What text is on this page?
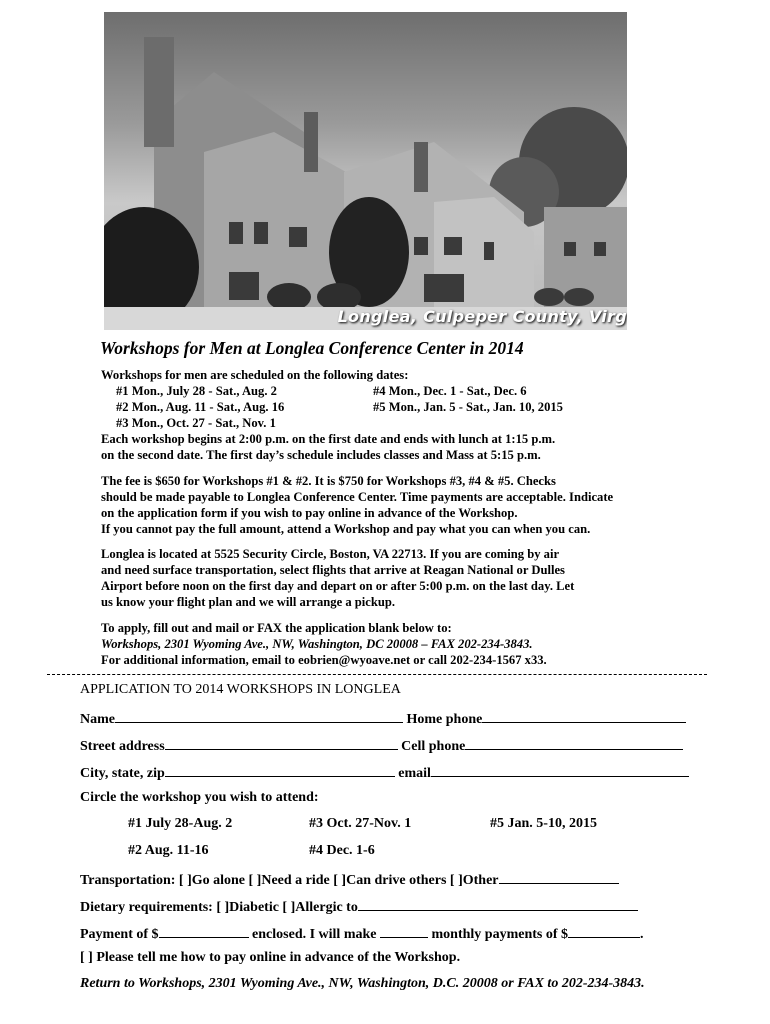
Longlea, Culpeper County, Virg
Workshops for Men at Longlea Conference Center in 2014
Workshops for men are scheduled on the following dates:
#1 Mon., July 28 - Sat., Aug. 2
#2 Mon., Aug. 11 - Sat., Aug. 16
#3 Mon., Oct. 27 - Sat., Nov. 1
#4 Mon., Dec. 1 - Sat., Dec. 6
#5 Mon., Jan. 5 - Sat., Jan. 10, 2015
Each workshop begins at 2:00 p.m. on the first date and ends with lunch at 1:15 p.m.
on the second date. The first day’s schedule includes classes and Mass at 5:15 p.m.
The fee is $650 for Workshops #1 & #2. It is $750 for Workshops #3, #4 & #5. Checks
should be made payable to Longlea Conference Center. Time payments are acceptable. Indicate
on the application form if you wish to pay online in advance of the Workshop.
If you cannot pay the full amount, attend a Workshop and pay what you can when you can.
Longlea is located at 5525 Security Circle, Boston, VA 22713. If you are coming by air
and need surface transportation, select flights that arrive at Reagan National or Dulles
Airport before noon on the first day and depart on or after 5:00 p.m. on the last day. Let
us know your flight plan and we will arrange a pickup.
To apply, fill out and mail or FAX the application blank below to:
Workshops, 2301 Wyoming Ave., NW, Washington, DC 20008 – FAX 202-234-3843.
For additional information, email to eobrien@wyoave.net or call 202-234-1567 x33.
APPLICATION TO 2014 WORKSHOPS IN LONGLEA
Name	Home phone
Street address	Cell phone
City, state, zip	email
Circle the workshop you wish to attend:
#1 July 28-Aug. 2	#3 Oct. 27-Nov. 1	#5 Jan. 5-10, 2015
#2 Aug. 11-16	#4 Dec. 1-6
Transportation: [ ]Go alone [ ]Need a ride [ ]Can drive others [ ]Other
Dietary requirements: [ ]Diabetic [ ]Allergic to
Payment of $	enclosed. I will make	monthly payments of $	.
[ ] Please tell me how to pay online in advance of the Workshop.
Return to Workshops, 2301 Wyoming Ave., NW, Washington, D.C. 20008 or FAX to 202-234-3843.
